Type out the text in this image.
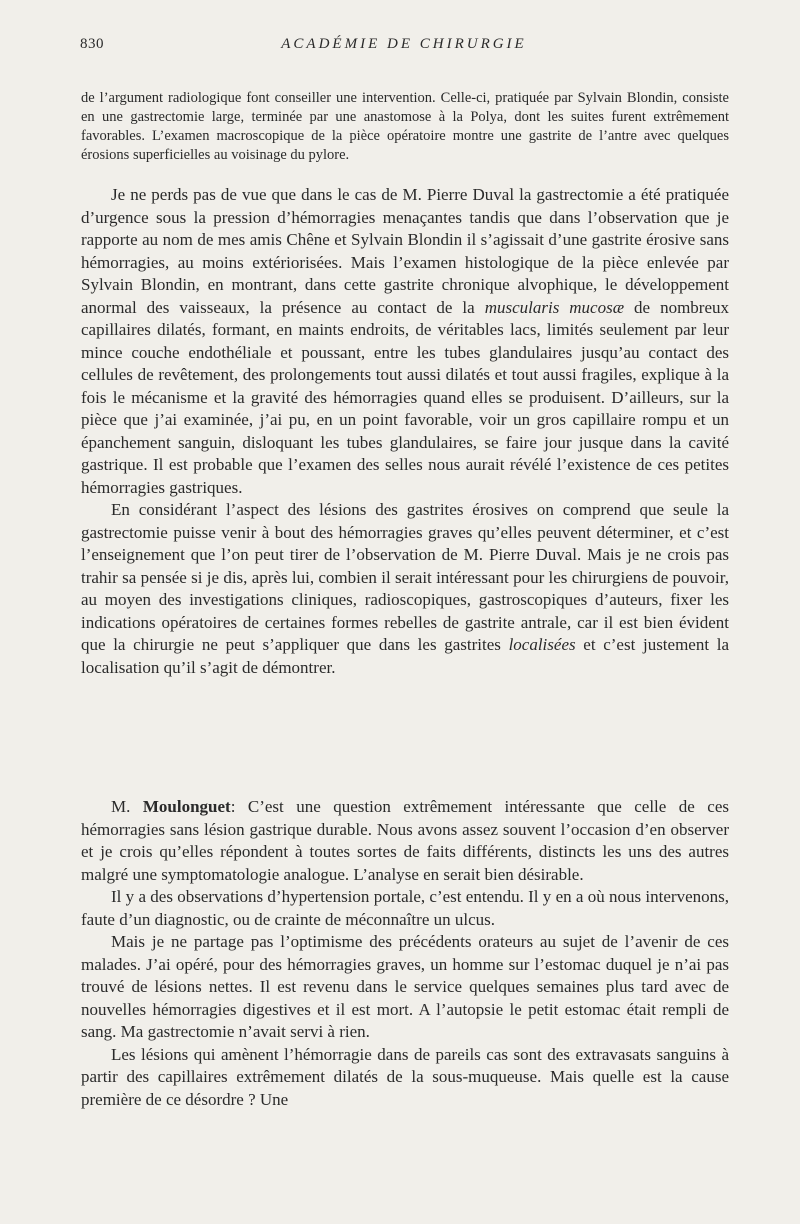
830	ACADÉMIE DE CHIRURGIE

de l’argument radiologique font conseiller une intervention. Celle-ci, pratiquée par Sylvain Blondin, consiste en une gastrectomie large, terminée par une anastomose à la Polya, dont les suites furent extrêmement favorables. L’examen macroscopique de la pièce opératoire montre une gastrite de l’antre avec quelques érosions superficielles au voisinage du pylore.

Je ne perds pas de vue que dans le cas de M. Pierre Duval la gastrectomie a été pratiquée d’urgence sous la pression d’hémorragies menaçantes tandis que dans l’observation que je rapporte au nom de mes amis Chêne et Sylvain Blondin il s’agissait d’une gastrite érosive sans hémorragies, au moins extériorisées. Mais l’examen histologique de la pièce enlevée par Sylvain Blondin, en montrant, dans cette gastrite chronique alvophique, le développement anormal des vaisseaux, la présence au contact de la muscularis mucosæ de nombreux capillaires dilatés, formant, en maints endroits, de véritables lacs, limités seulement par leur mince couche endothéliale et poussant, entre les tubes glandulaires jusqu’au contact des cellules de revêtement, des prolongements tout aussi dilatés et tout aussi fragiles, explique à la fois le mécanisme et la gravité des hémorragies quand elles se produisent. D’ailleurs, sur la pièce que j’ai examinée, j’ai pu, en un point favorable, voir un gros capillaire rompu et un épanchement sanguin, disloquant les tubes glandulaires, se faire jour jusque dans la cavité gastrique. Il est probable que l’examen des selles nous aurait révélé l’existence de ces petites hémorragies gastriques.

En considérant l’aspect des lésions des gastrites érosives on comprend que seule la gastrectomie puisse venir à bout des hémorragies graves qu’elles peuvent déterminer, et c’est l’enseignement que l’on peut tirer de l’observation de M. Pierre Duval. Mais je ne crois pas trahir sa pensée si je dis, après lui, combien il serait intéressant pour les chirurgiens de pouvoir, au moyen des investigations cliniques, radioscopiques, gastroscopiques d’auteurs, fixer les indications opératoires de certaines formes rebelles de gastrite antrale, car il est bien évident que la chirurgie ne peut s’appliquer que dans les gastrites localisées et c’est justement la localisation qu’il s’agit de démontrer.

M. Moulonguet: C’est une question extrêmement intéressante que celle de ces hémorragies sans lésion gastrique durable. Nous avons assez souvent l’occasion d’en observer et je crois qu’elles répondent à toutes sortes de faits différents, distincts les uns des autres malgré une symptomatologie analogue. L’analyse en serait bien désirable.

Il y a des observations d’hypertension portale, c’est entendu. Il y en a où nous intervenons, faute d’un diagnostic, ou de crainte de méconnaître un ulcus.

Mais je ne partage pas l’optimisme des précédents orateurs au sujet de l’avenir de ces malades. J’ai opéré, pour des hémorragies graves, un homme sur l’estomac duquel je n’ai pas trouvé de lésions nettes. Il est revenu dans le service quelques semaines plus tard avec de nouvelles hémorragies digestives et il est mort. A l’autopsie le petit estomac était rempli de sang. Ma gastrectomie n’avait servi à rien.

Les lésions qui amènent l’hémorragie dans de pareils cas sont des extravasats sanguins à partir des capillaires extrêmement dilatés de la sous-muqueuse. Mais quelle est la cause première de ce désordre ? Une
